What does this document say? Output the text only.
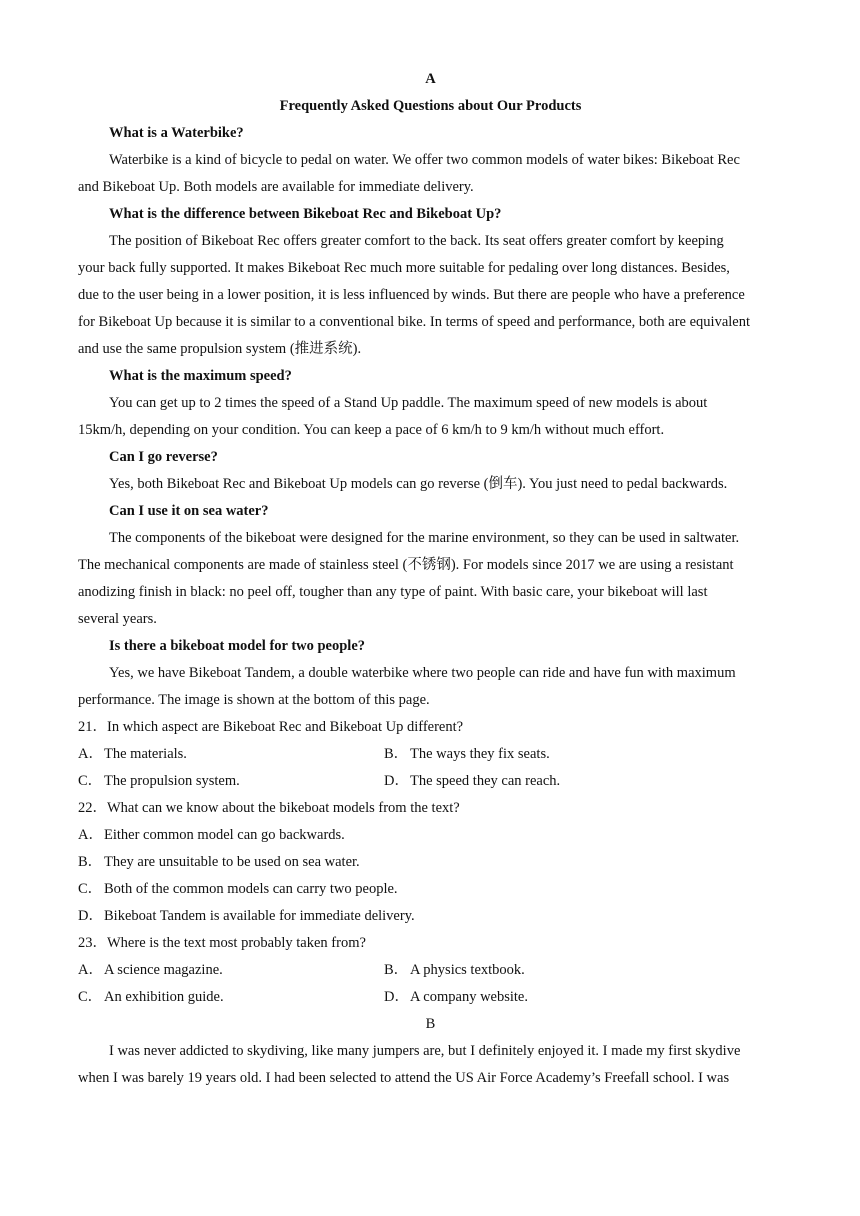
A
Frequently Asked Questions about Our Products
What is a Waterbike?
Waterbike is a kind of bicycle to pedal on water. We offer two common models of water bikes: Bikeboat Rec
and Bikeboat Up. Both models are available for immediate delivery.
What is the difference between Bikeboat Rec and Bikeboat Up?
The position of Bikeboat Rec offers greater comfort to the back. Its seat offers greater comfort by keeping
your back fully supported. It makes Bikeboat Rec much more suitable for pedaling over long distances. Besides,
due to the user being in a lower position, it is less influenced by winds. But there are people who have a preference
for Bikeboat Up because it is similar to a conventional bike. In terms of speed and performance, both are equivalent
and use the same propulsion system (推进系统).
What is the maximum speed?
You can get up to 2 times the speed of a Stand Up paddle. The maximum speed of new models is about
15km/h, depending on your condition. You can keep a pace of 6 km/h to 9 km/h without much effort.
Can I go reverse?
Yes, both Bikeboat Rec and Bikeboat Up models can go reverse (倒车). You just need to pedal backwards.
Can I use it on sea water?
The components of the bikeboat were designed for the marine environment, so they can be used in saltwater.
The mechanical components are made of stainless steel (不锈钢). For models since 2017 we are using a resistant
anodizing finish in black: no peel off, tougher than any type of paint. With basic care, your bikeboat will last
several years.
Is there a bikeboat model for two people?
Yes, we have Bikeboat Tandem, a double waterbike where two people can ride and have fun with maximum
performance. The image is shown at the bottom of this page.
21．In which aspect are Bikeboat Rec and Bikeboat Up different?
A．The materials.	B． The ways they fix seats.
C． The propulsion system.	D．The speed they can reach.
22．What can we know about the bikeboat models from the text?
A．Either common model can go backwards.
B． They are unsuitable to be used on sea water.
C． Both of the common models can carry two people.
D．Bikeboat Tandem is available for immediate delivery.
23．Where is the text most probably taken from?
A．A science magazine.	B． A physics textbook.
C． An exhibition guide.	D．A company website.
B
I was never addicted to skydiving, like many jumpers are, but I definitely enjoyed it. I made my first skydive
when I was barely 19 years old. I had been selected to attend the US Air Force Academy’s Freefall school. I was
